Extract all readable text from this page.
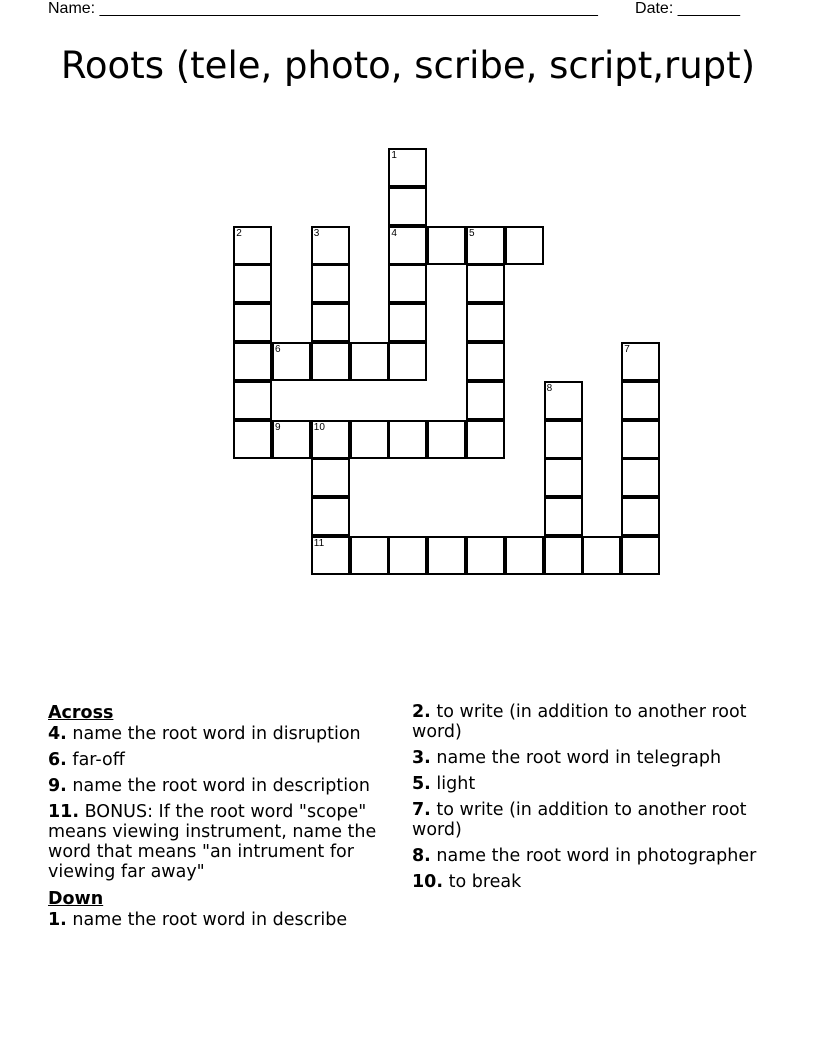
Name: ________________________________________________________ Date: _______
Roots (tele, photo, scribe, script,rupt)
1
4
2	3	5
6
9	10
11
8
7
Across
4. name the root word in disruption
6. far-off
9. name the root word in description
11. BONUS: If the root word "scope" means viewing instrument, name the word that means "an intrument for viewing far away"
Down
1. name the root word in describe
2. to write (in addition to another root word)
3. name the root word in telegraph
5. light
7. to write (in addition to another root word)
8. name the root word in photographer
10. to break
